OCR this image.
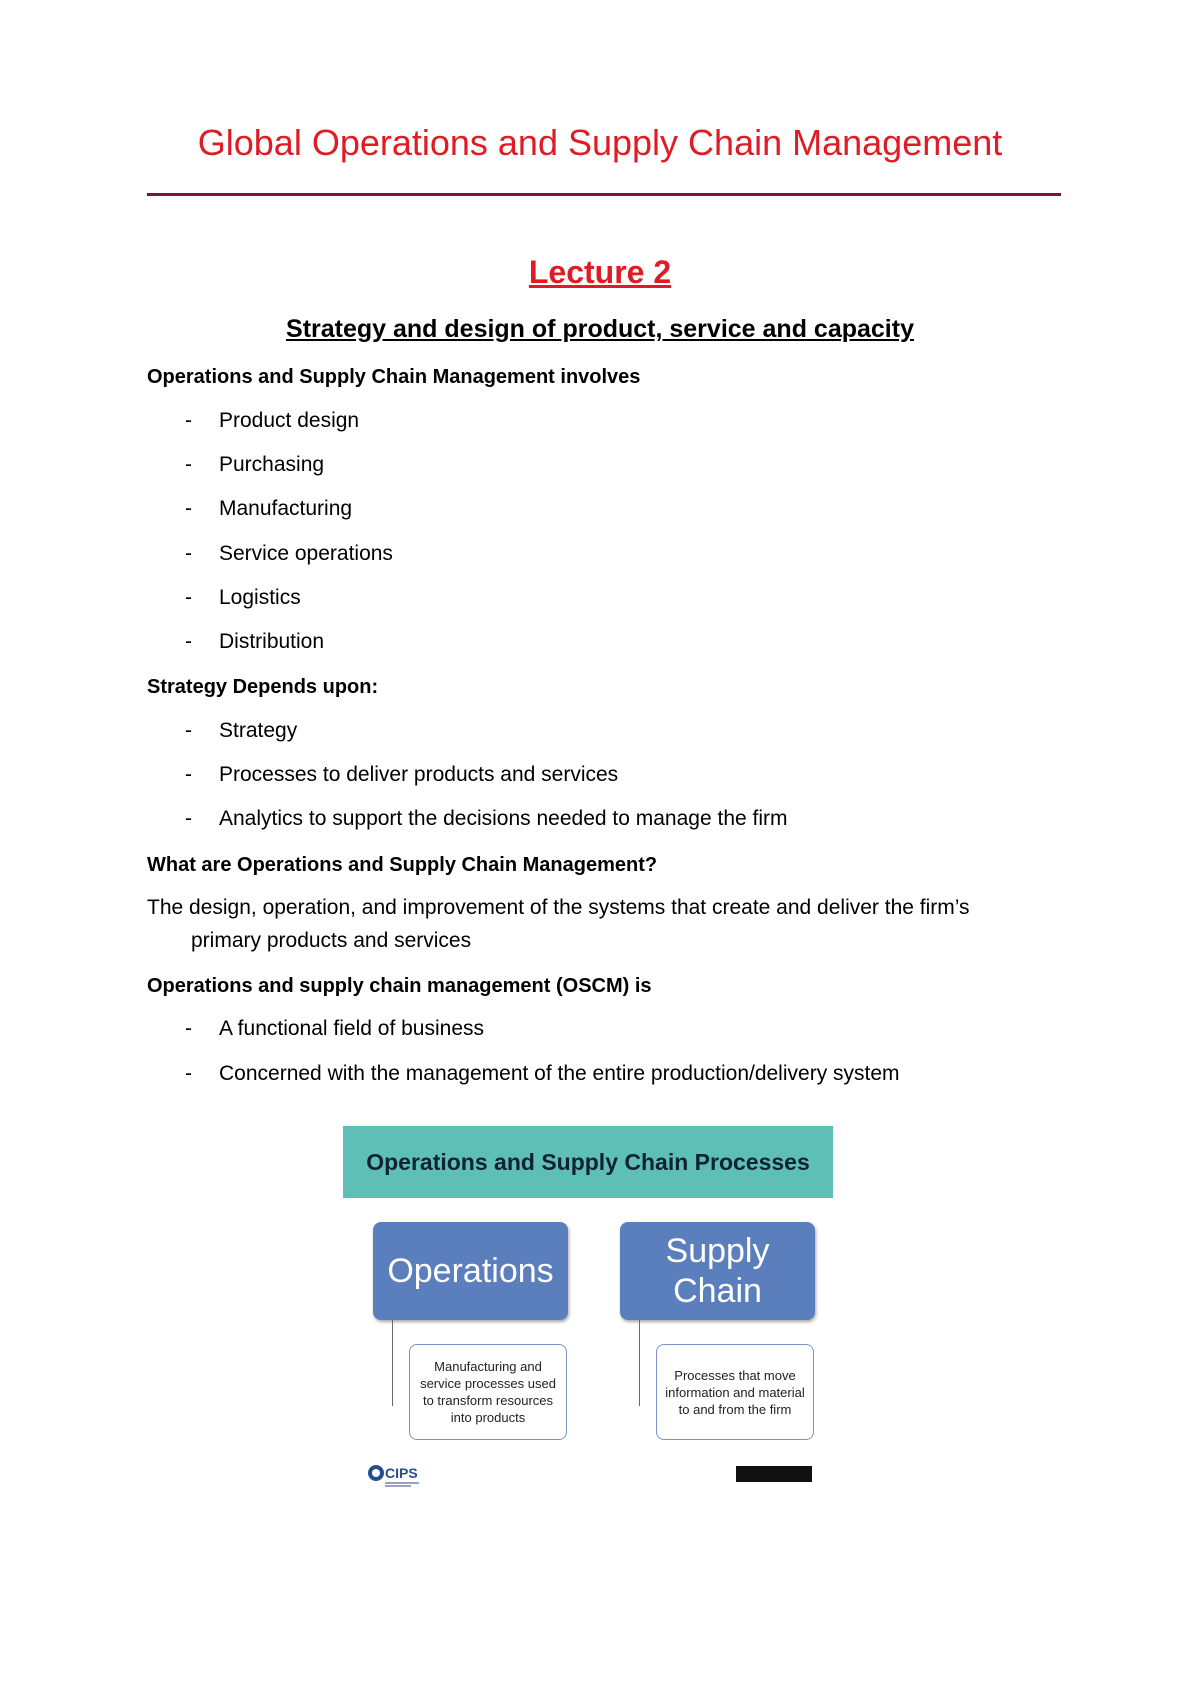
Global Operations and Supply Chain Management
Lecture 2
Strategy and design of product, service and capacity
Operations and Supply Chain Management involves
- Product design
- Purchasing
- Manufacturing
- Service operations
- Logistics
- Distribution
Strategy Depends upon:
- Strategy
- Processes to deliver products and services
- Analytics to support the decisions needed to manage the firm
What are Operations and Supply Chain Management?
The design, operation, and improvement of the systems that create and deliver the firm’s
primary products and services
Operations and supply chain management (OSCM) is
- A functional field of business
- Concerned with the management of the entire production/delivery system
Operations and Supply Chain Processes
Operations
Supply Chain
Manufacturing and service processes used to transform resources into products
Processes that move information and material to and from the firm
CIPS
